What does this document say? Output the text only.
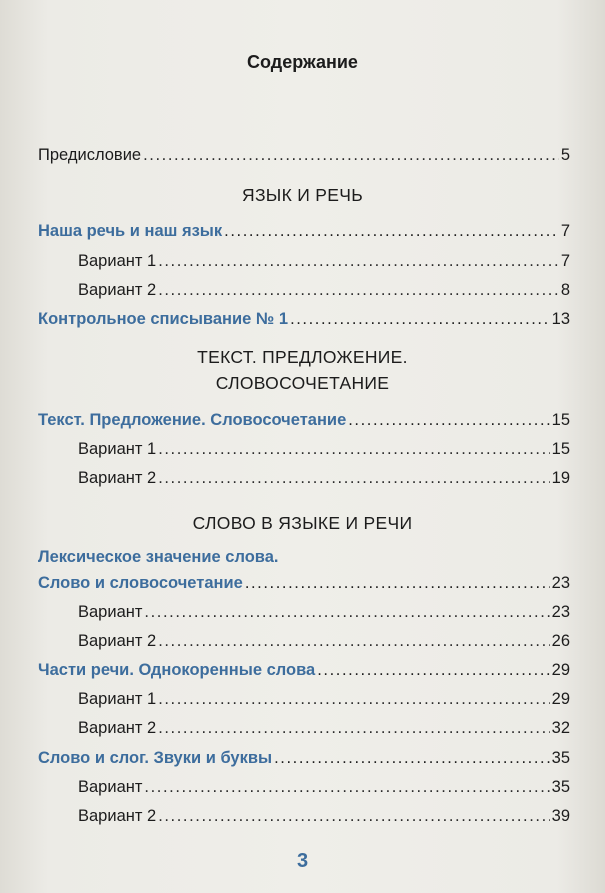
Содержание
Предисловие .....	5
ЯЗЫК И РЕЧЬ
Наша речь и наш язык .....	7
Вариант 1 .....	7
Вариант 2 .....	8
Контрольное списывание № 1 .....	13
ТЕКСТ. ПРЕДЛОЖЕНИЕ.
СЛОВОСОЧЕТАНИЕ
Текст. Предложение. Словосочетание .....	15
Вариант 1 .....	15
Вариант 2 .....	19
СЛОВО В ЯЗЫКЕ И РЕЧИ
Лексическое значение слова.
Слово и словосочетание .....	23
Вариант .....	23
Вариант 2 .....	26
Части речи. Однокоренные слова .....	29
Вариант 1 .....	29
Вариант 2 .....	32
Слово и слог. Звуки и буквы .....	35
Вариант .....	35
Вариант 2 .....	39
3
